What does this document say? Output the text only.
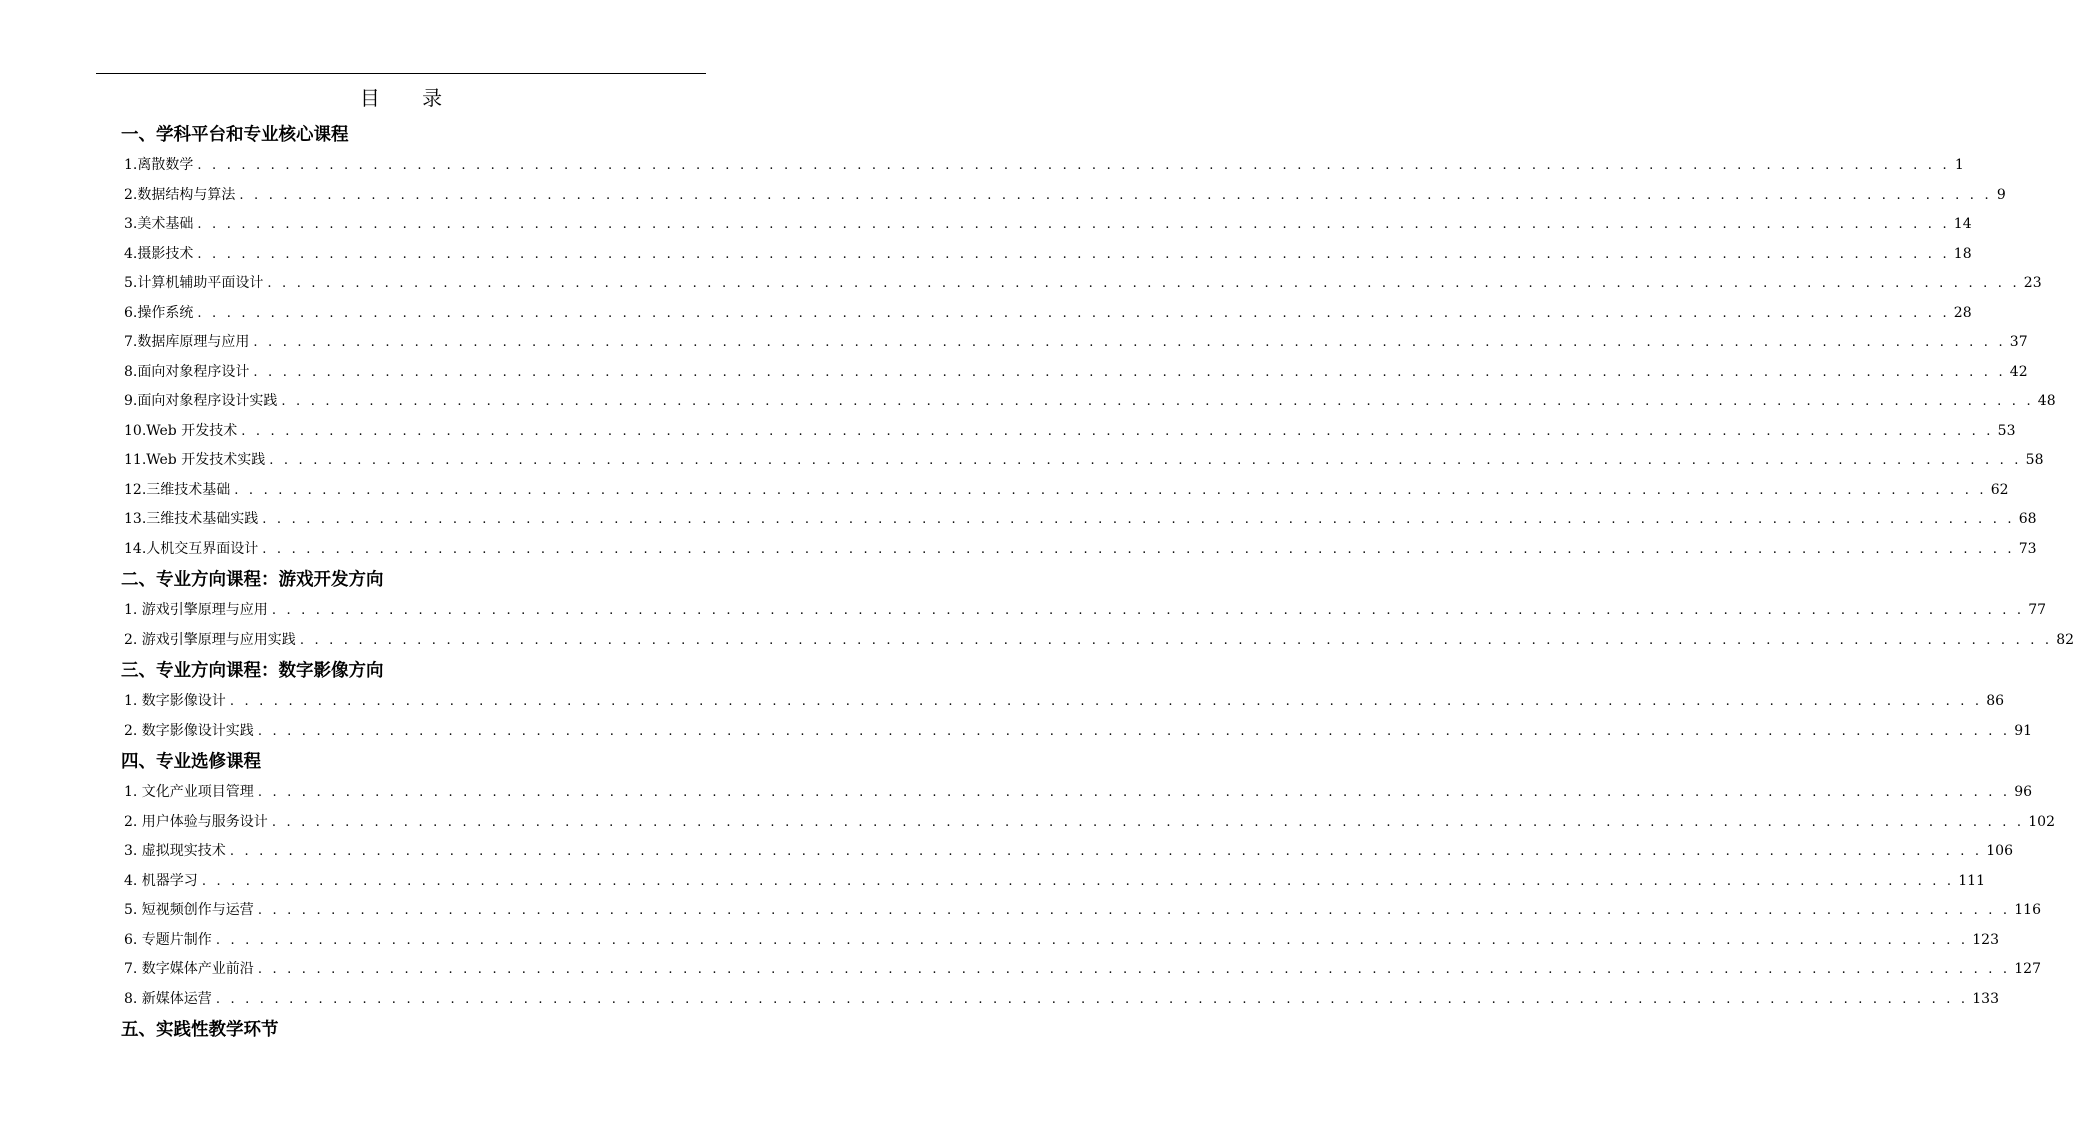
目 录
一、学科平台和专业核心课程
1.离散数学 . . . . . . . . . . . . . . . . . . . . . . . . . . . . . . . . . . . . . . . . . . . . . . . . . . . . . . . . . . . . . . . . . . . . . . . . . . . . . . . . . . . . . . . . . . . . . . . . . . . . . . . . . . . . . . . . . . . . . . . . 1
2.数据结构与算法 . . . . . . . . . . . . . . . . . . . . . . . . . . . . . . . . . . . . . . . . . . . . . . . . . . . . . . . . . . . . . . . . . . . . . . . . . . . . . . . . . . . . . . . . . . . . . . . . . . . . . . . . . . . . . . . . . . . . . . . . 9
3.美术基础 . . . . . . . . . . . . . . . . . . . . . . . . . . . . . . . . . . . . . . . . . . . . . . . . . . . . . . . . . . . . . . . . . . . . . . . . . . . . . . . . . . . . . . . . . . . . . . . . . . . . . . . . . . . . . . . . . . . . . . . . 14
4.摄影技术 . . . . . . . . . . . . . . . . . . . . . . . . . . . . . . . . . . . . . . . . . . . . . . . . . . . . . . . . . . . . . . . . . . . . . . . . . . . . . . . . . . . . . . . . . . . . . . . . . . . . . . . . . . . . . . . . . . . . . . . . 18
5.计算机辅助平面设计 . . . . . . . . . . . . . . . . . . . . . . . . . . . . . . . . . . . . . . . . . . . . . . . . . . . . . . . . . . . . . . . . . . . . . . . . . . . . . . . . . . . . . . . . . . . . . . . . . . . . . . . . . . . . . . . . . . . . . . . . 23
6.操作系统 . . . . . . . . . . . . . . . . . . . . . . . . . . . . . . . . . . . . . . . . . . . . . . . . . . . . . . . . . . . . . . . . . . . . . . . . . . . . . . . . . . . . . . . . . . . . . . . . . . . . . . . . . . . . . . . . . . . . . . . . 28
7.数据库原理与应用 . . . . . . . . . . . . . . . . . . . . . . . . . . . . . . . . . . . . . . . . . . . . . . . . . . . . . . . . . . . . . . . . . . . . . . . . . . . . . . . . . . . . . . . . . . . . . . . . . . . . . . . . . . . . . . . . . . . . . . . . 37
8.面向对象程序设计 . . . . . . . . . . . . . . . . . . . . . . . . . . . . . . . . . . . . . . . . . . . . . . . . . . . . . . . . . . . . . . . . . . . . . . . . . . . . . . . . . . . . . . . . . . . . . . . . . . . . . . . . . . . . . . . . . . . . . . . . 42
9.面向对象程序设计实践 . . . . . . . . . . . . . . . . . . . . . . . . . . . . . . . . . . . . . . . . . . . . . . . . . . . . . . . . . . . . . . . . . . . . . . . . . . . . . . . . . . . . . . . . . . . . . . . . . . . . . . . . . . . . . . . . . . . . . . . . 48
10.Web 开发技术 . . . . . . . . . . . . . . . . . . . . . . . . . . . . . . . . . . . . . . . . . . . . . . . . . . . . . . . . . . . . . . . . . . . . . . . . . . . . . . . . . . . . . . . . . . . . . . . . . . . . . . . . . . . . . . . . . . . . . . . . 53
11.Web 开发技术实践 . . . . . . . . . . . . . . . . . . . . . . . . . . . . . . . . . . . . . . . . . . . . . . . . . . . . . . . . . . . . . . . . . . . . . . . . . . . . . . . . . . . . . . . . . . . . . . . . . . . . . . . . . . . . . . . . . . . . . . . . 58
12.三维技术基础 . . . . . . . . . . . . . . . . . . . . . . . . . . . . . . . . . . . . . . . . . . . . . . . . . . . . . . . . . . . . . . . . . . . . . . . . . . . . . . . . . . . . . . . . . . . . . . . . . . . . . . . . . . . . . . . . . . . . . . . . 62
13.三维技术基础实践 . . . . . . . . . . . . . . . . . . . . . . . . . . . . . . . . . . . . . . . . . . . . . . . . . . . . . . . . . . . . . . . . . . . . . . . . . . . . . . . . . . . . . . . . . . . . . . . . . . . . . . . . . . . . . . . . . . . . . . . . 68
14.人机交互界面设计 . . . . . . . . . . . . . . . . . . . . . . . . . . . . . . . . . . . . . . . . . . . . . . . . . . . . . . . . . . . . . . . . . . . . . . . . . . . . . . . . . . . . . . . . . . . . . . . . . . . . . . . . . . . . . . . . . . . . . . . . 73
二、专业方向课程：游戏开发方向
1. 游戏引擎原理与应用 . . . . . . . . . . . . . . . . . . . . . . . . . . . . . . . . . . . . . . . . . . . . . . . . . . . . . . . . . . . . . . . . . . . . . . . . . . . . . . . . . . . . . . . . . . . . . . . . . . . . . . . . . . . . . . . . . . . . . . . . 77
2. 游戏引擎原理与应用实践 . . . . . . . . . . . . . . . . . . . . . . . . . . . . . . . . . . . . . . . . . . . . . . . . . . . . . . . . . . . . . . . . . . . . . . . . . . . . . . . . . . . . . . . . . . . . . . . . . . . . . . . . . . . . . . . . . . . . . . . . 82
三、专业方向课程：数字影像方向
1. 数字影像设计 . . . . . . . . . . . . . . . . . . . . . . . . . . . . . . . . . . . . . . . . . . . . . . . . . . . . . . . . . . . . . . . . . . . . . . . . . . . . . . . . . . . . . . . . . . . . . . . . . . . . . . . . . . . . . . . . . . . . . . . . 86
2. 数字影像设计实践 . . . . . . . . . . . . . . . . . . . . . . . . . . . . . . . . . . . . . . . . . . . . . . . . . . . . . . . . . . . . . . . . . . . . . . . . . . . . . . . . . . . . . . . . . . . . . . . . . . . . . . . . . . . . . . . . . . . . . . . . 91
四、专业选修课程
1. 文化产业项目管理 . . . . . . . . . . . . . . . . . . . . . . . . . . . . . . . . . . . . . . . . . . . . . . . . . . . . . . . . . . . . . . . . . . . . . . . . . . . . . . . . . . . . . . . . . . . . . . . . . . . . . . . . . . . . . . . . . . . . . . . . 96
2. 用户体验与服务设计 . . . . . . . . . . . . . . . . . . . . . . . . . . . . . . . . . . . . . . . . . . . . . . . . . . . . . . . . . . . . . . . . . . . . . . . . . . . . . . . . . . . . . . . . . . . . . . . . . . . . . . . . . . . . . . . . . . . . . . . . 102
3. 虚拟现实技术 . . . . . . . . . . . . . . . . . . . . . . . . . . . . . . . . . . . . . . . . . . . . . . . . . . . . . . . . . . . . . . . . . . . . . . . . . . . . . . . . . . . . . . . . . . . . . . . . . . . . . . . . . . . . . . . . . . . . . . . . 106
4. 机器学习 . . . . . . . . . . . . . . . . . . . . . . . . . . . . . . . . . . . . . . . . . . . . . . . . . . . . . . . . . . . . . . . . . . . . . . . . . . . . . . . . . . . . . . . . . . . . . . . . . . . . . . . . . . . . . . . . . . . . . . . . 111
5. 短视频创作与运营 . . . . . . . . . . . . . . . . . . . . . . . . . . . . . . . . . . . . . . . . . . . . . . . . . . . . . . . . . . . . . . . . . . . . . . . . . . . . . . . . . . . . . . . . . . . . . . . . . . . . . . . . . . . . . . . . . . . . . . . . 116
6. 专题片制作 . . . . . . . . . . . . . . . . . . . . . . . . . . . . . . . . . . . . . . . . . . . . . . . . . . . . . . . . . . . . . . . . . . . . . . . . . . . . . . . . . . . . . . . . . . . . . . . . . . . . . . . . . . . . . . . . . . . . . . . . 123
7. 数字媒体产业前沿 . . . . . . . . . . . . . . . . . . . . . . . . . . . . . . . . . . . . . . . . . . . . . . . . . . . . . . . . . . . . . . . . . . . . . . . . . . . . . . . . . . . . . . . . . . . . . . . . . . . . . . . . . . . . . . . . . . . . . . . . 127
8. 新媒体运营 . . . . . . . . . . . . . . . . . . . . . . . . . . . . . . . . . . . . . . . . . . . . . . . . . . . . . . . . . . . . . . . . . . . . . . . . . . . . . . . . . . . . . . . . . . . . . . . . . . . . . . . . . . . . . . . . . . . . . . . . 133
五、实践性教学环节
